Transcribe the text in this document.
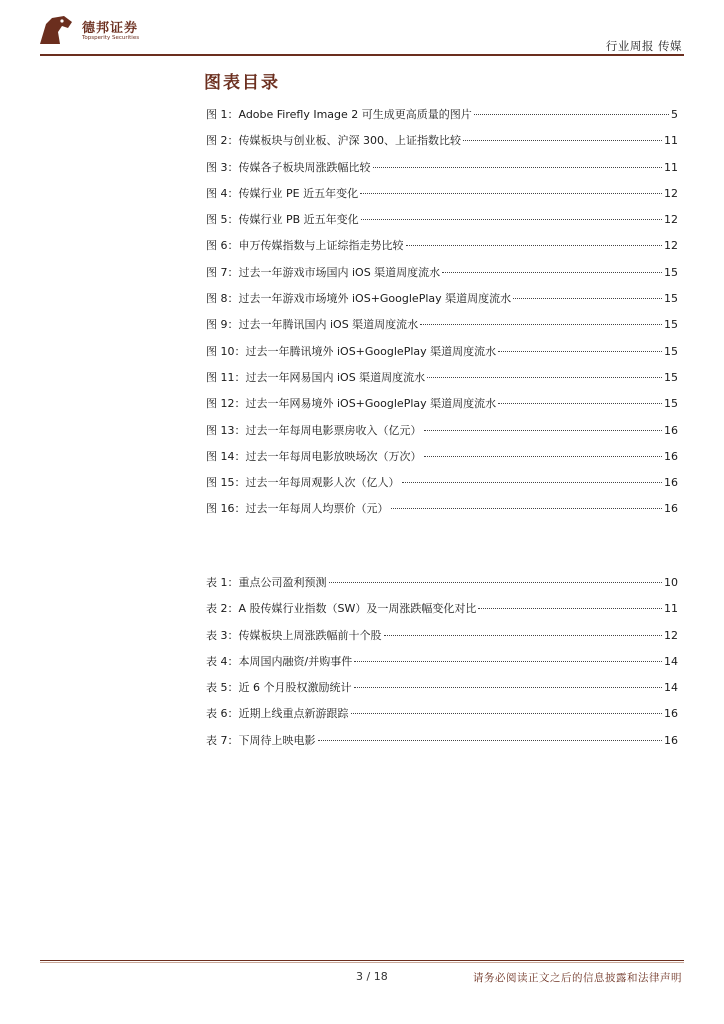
德邦证券
Topsperity Securities
行业周报 传媒
图表目录
图 1：Adobe Firefly Image 2 可生成更高质量的图片	5
图 2：传媒板块与创业板、沪深 300、上证指数比较	11
图 3：传媒各子板块周涨跌幅比较	11
图 4：传媒行业 PE 近五年变化	12
图 5：传媒行业 PB 近五年变化	12
图 6：申万传媒指数与上证综指走势比较	12
图 7：过去一年游戏市场国内 iOS 渠道周度流水	15
图 8：过去一年游戏市场境外 iOS+GooglePlay 渠道周度流水	15
图 9：过去一年腾讯国内 iOS 渠道周度流水	15
图 10：过去一年腾讯境外 iOS+GooglePlay 渠道周度流水	15
图 11：过去一年网易国内 iOS 渠道周度流水	15
图 12：过去一年网易境外 iOS+GooglePlay 渠道周度流水	15
图 13：过去一年每周电影票房收入（亿元）	16
图 14：过去一年每周电影放映场次（万次）	16
图 15：过去一年每周观影人次（亿人）	16
图 16：过去一年每周人均票价（元）	16
表 1：重点公司盈利预测	10
表 2：A 股传媒行业指数（SW）及一周涨跌幅变化对比	11
表 3：传媒板块上周涨跌幅前十个股	12
表 4：本周国内融资/并购事件	14
表 5：近 6 个月股权激励统计	14
表 6：近期上线重点新游跟踪	16
表 7：下周待上映电影	16
3 / 18	请务必阅读正文之后的信息披露和法律声明
